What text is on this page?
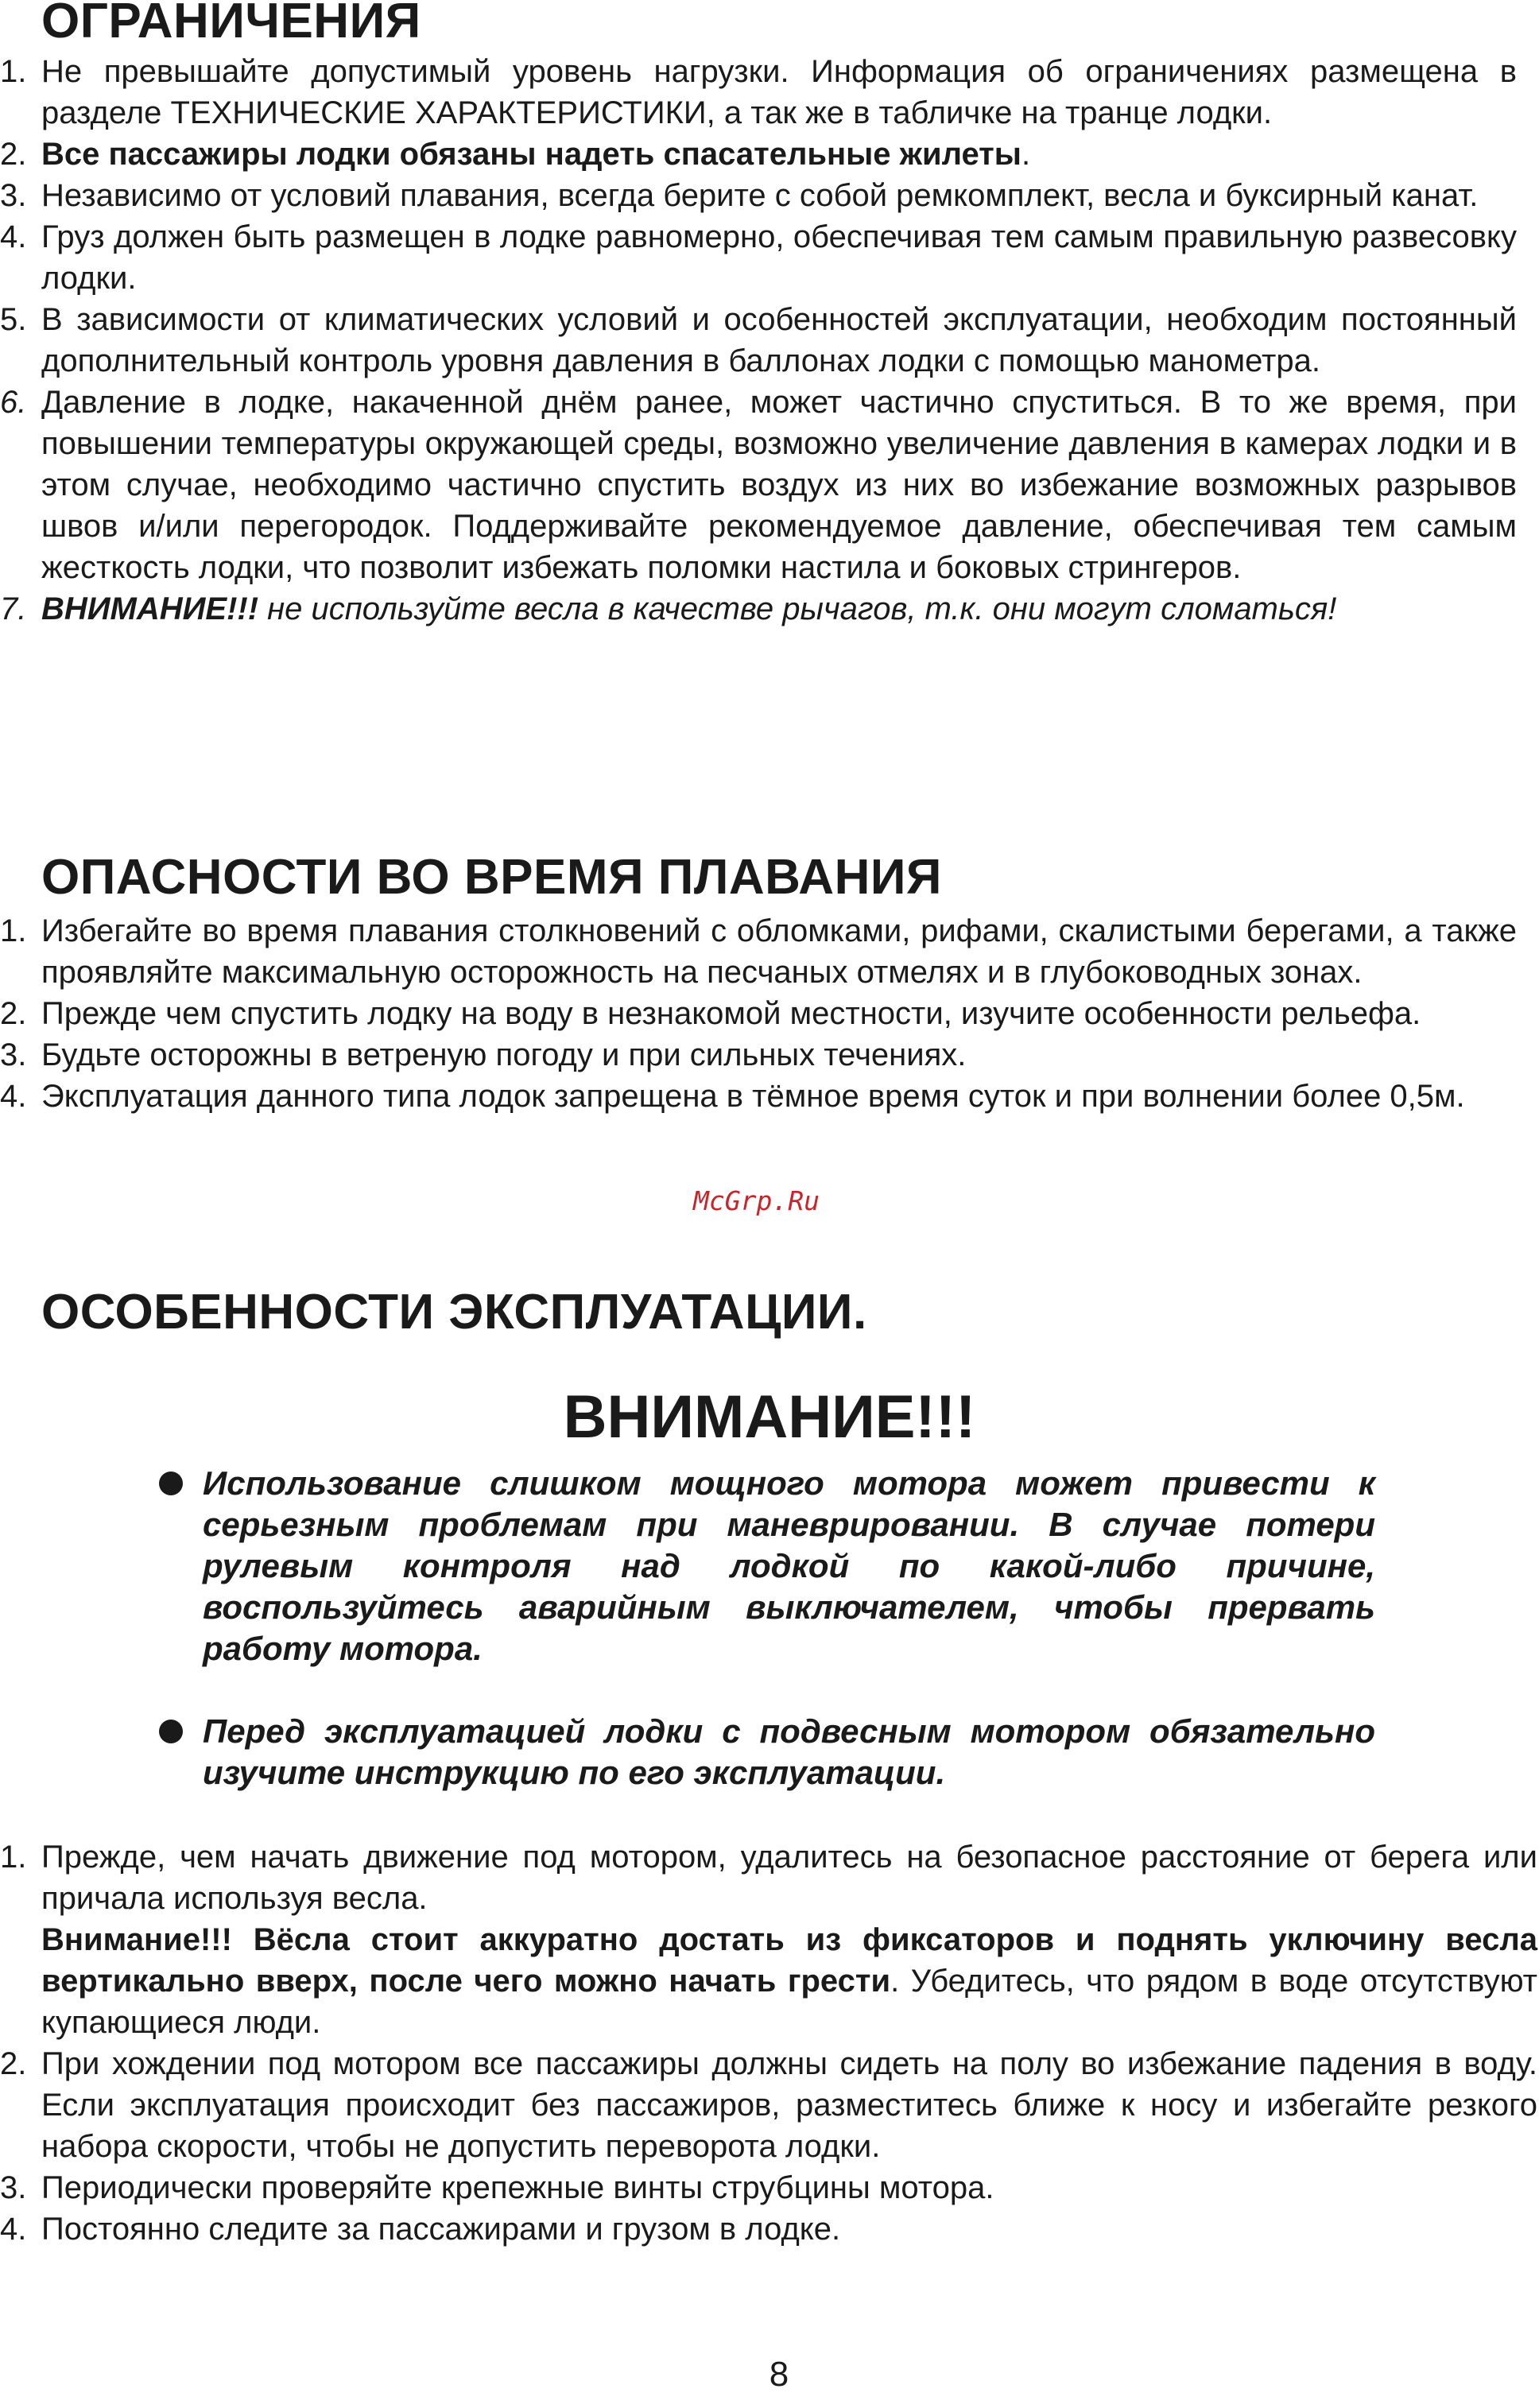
ОГРАНИЧЕНИЯ
1. Не превышайте допустимый уровень нагрузки. Информация об ограничениях размещена в разделе ТЕХНИЧЕСКИЕ ХАРАКТЕРИСТИКИ, а так же в табличке на транце лодки.
2. Все пассажиры лодки обязаны надеть спасательные жилеты.
3. Независимо от условий плавания, всегда берите с собой ремкомплект, весла и буксирный канат.
4. Груз должен быть размещен в лодке равномерно, обеспечивая тем самым правильную развесовку лодки.
5. В зависимости от климатических условий и особенностей эксплуатации, необходим постоянный дополнительный контроль уровня давления в баллонах лодки с помощью манометра.
6. Давление в лодке, накаченной днём ранее, может частично спуститься. В то же время, при повышении температуры окружающей среды, возможно увеличение давления в камерах лодки и в этом случае, необходимо частично спустить воздух из них во избежание возможных разрывов швов и/или перегородок. Поддерживайте рекомендуемое давление, обеспечивая тем самым жесткость лодки, что позволит избежать поломки настила и боковых стрингеров.
7. ВНИМАНИЕ!!! не используйте весла в качестве рычагов, т.к. они могут сломаться!
ОПАСНОСТИ ВО ВРЕМЯ ПЛАВАНИЯ
1. Избегайте во время плавания столкновений с обломками, рифами, скалистыми берегами, а также проявляйте максимальную осторожность на песчаных отмелях и в глубоководных зонах.
2. Прежде чем спустить лодку на воду в незнакомой местности, изучите особенности рельефа.
3. Будьте осторожны в ветреную погоду и при сильных течениях.
4. Эксплуатация данного типа лодок запрещена в тёмное время суток и при волнении более 0,5м.
McGrp.Ru
ОСОБЕННОСТИ ЭКСПЛУАТАЦИИ.
ВНИМАНИЕ!!!
Использование слишком мощного мотора может привести к серьезным проблемам при маневрировании. В случае потери рулевым контроля над лодкой по какой-либо причине, воспользуйтесь аварийным выключателем, чтобы прервать работу мотора.
Перед эксплуатацией лодки с подвесным мотором обязательно изучите инструкцию по его эксплуатации.
1. Прежде, чем начать движение под мотором, удалитесь на безопасное расстояние от берега или причала используя весла.
Внимание!!! Вёсла стоит аккуратно достать из фиксаторов и поднять уключину весла вертикально вверх, после чего можно начать грести. Убедитесь, что рядом в воде отсутствуют купающиеся люди.
2. При хождении под мотором все пассажиры должны сидеть на полу во избежание падения в воду. Если эксплуатация происходит без пассажиров, разместитесь ближе к носу и избегайте резкого набора скорости, чтобы не допустить переворота лодки.
3. Периодически проверяйте крепежные винты струбцины мотора.
4. Постоянно следите за пассажирами и грузом в лодке.
8
